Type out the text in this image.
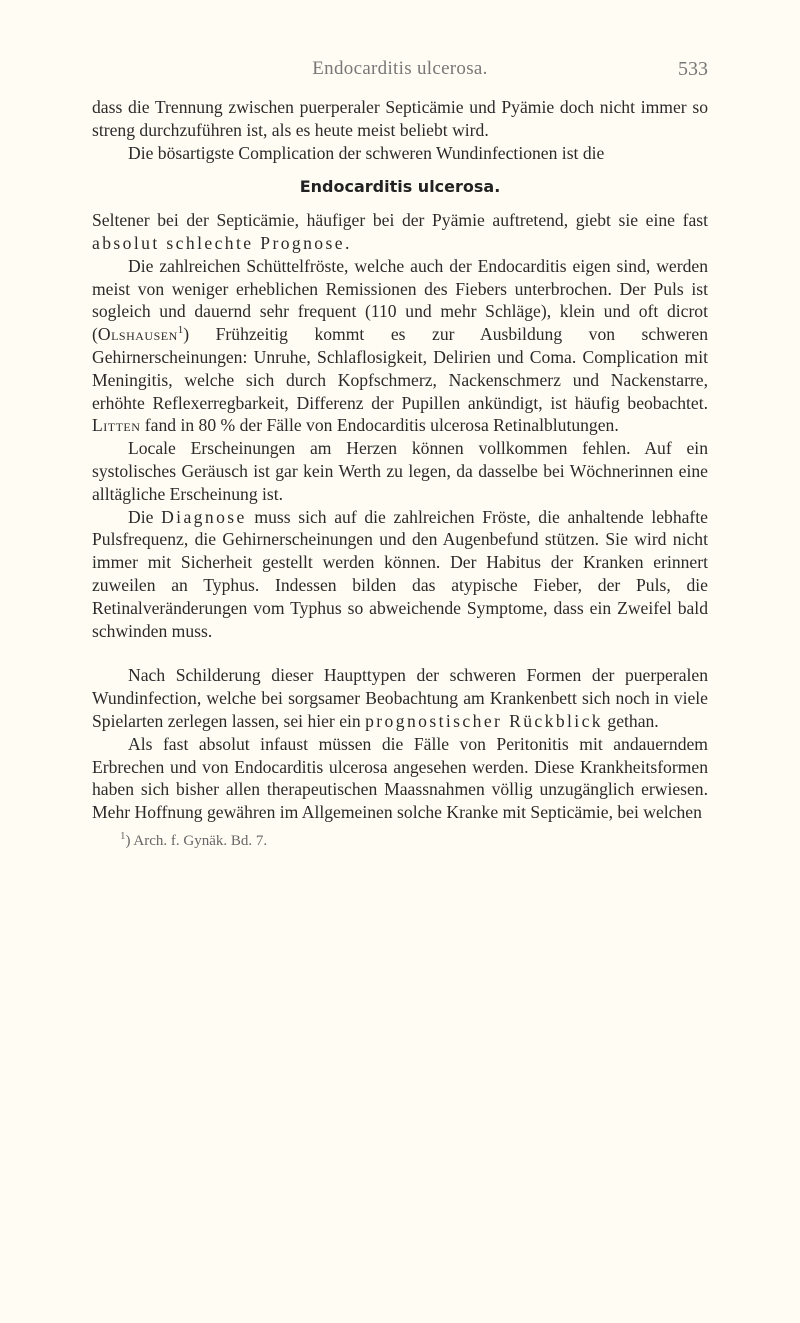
Endocarditis ulcerosa.	533

dass die Trennung zwischen puerperaler Septicämie und Pyämie doch nicht immer so streng durchzuführen ist, als es heute meist beliebt wird.

Die bösartigste Complication der schweren Wundinfectionen ist die

Endocarditis ulcerosa.

Seltener bei der Septicämie, häufiger bei der Pyämie auftretend, giebt sie eine fast absolut schlechte Prognose.

Die zahlreichen Schüttelfröste, welche auch der Endocarditis eigen sind, werden meist von weniger erheblichen Remissionen des Fiebers unterbrochen. Der Puls ist sogleich und dauernd sehr frequent (110 und mehr Schläge), klein und oft dicrot (Olshausen$^1$) Frühzeitig kommt es zur Ausbildung von schweren Gehirnerscheinungen: Unruhe, Schlaflosigkeit, Delirien und Coma. Complication mit Meningitis, welche sich durch Kopfschmerz, Nackenschmerz und Nackenstarre, erhöhte Reflexerregbarkeit, Differenz der Pupillen ankündigt, ist häufig beobachtet. Litten fand in 80 % der Fälle von Endocarditis ulcerosa Retinalblutungen.

Locale Erscheinungen am Herzen können vollkommen fehlen. Auf ein systolisches Geräusch ist gar kein Werth zu legen, da dasselbe bei Wöchnerinnen eine alltägliche Erscheinung ist.

Die Diagnose muss sich auf die zahlreichen Fröste, die anhaltende lebhafte Pulsfrequenz, die Gehirnerscheinungen und den Augenbefund stützen. Sie wird nicht immer mit Sicherheit gestellt werden können. Der Habitus der Kranken erinnert zuweilen an Typhus. Indessen bilden das atypische Fieber, der Puls, die Retinalveränderungen vom Typhus so abweichende Symptome, dass ein Zweifel bald schwinden muss.

Nach Schilderung dieser Haupttypen der schweren Formen der puerperalen Wundinfection, welche bei sorgsamer Beobachtung am Krankenbett sich noch in viele Spielarten zerlegen lassen, sei hier ein prognostischer Rückblick gethan.

Als fast absolut infaust müssen die Fälle von Peritonitis mit andauerndem Erbrechen und von Endocarditis ulcerosa angesehen werden. Diese Krankheitsformen haben sich bisher allen therapeutischen Maassnahmen völlig unzugänglich erwiesen. Mehr Hoffnung gewähren im Allgemeinen solche Kranke mit Septicämie, bei welchen

$^1$) Arch. f. Gynäk. Bd. 7.
